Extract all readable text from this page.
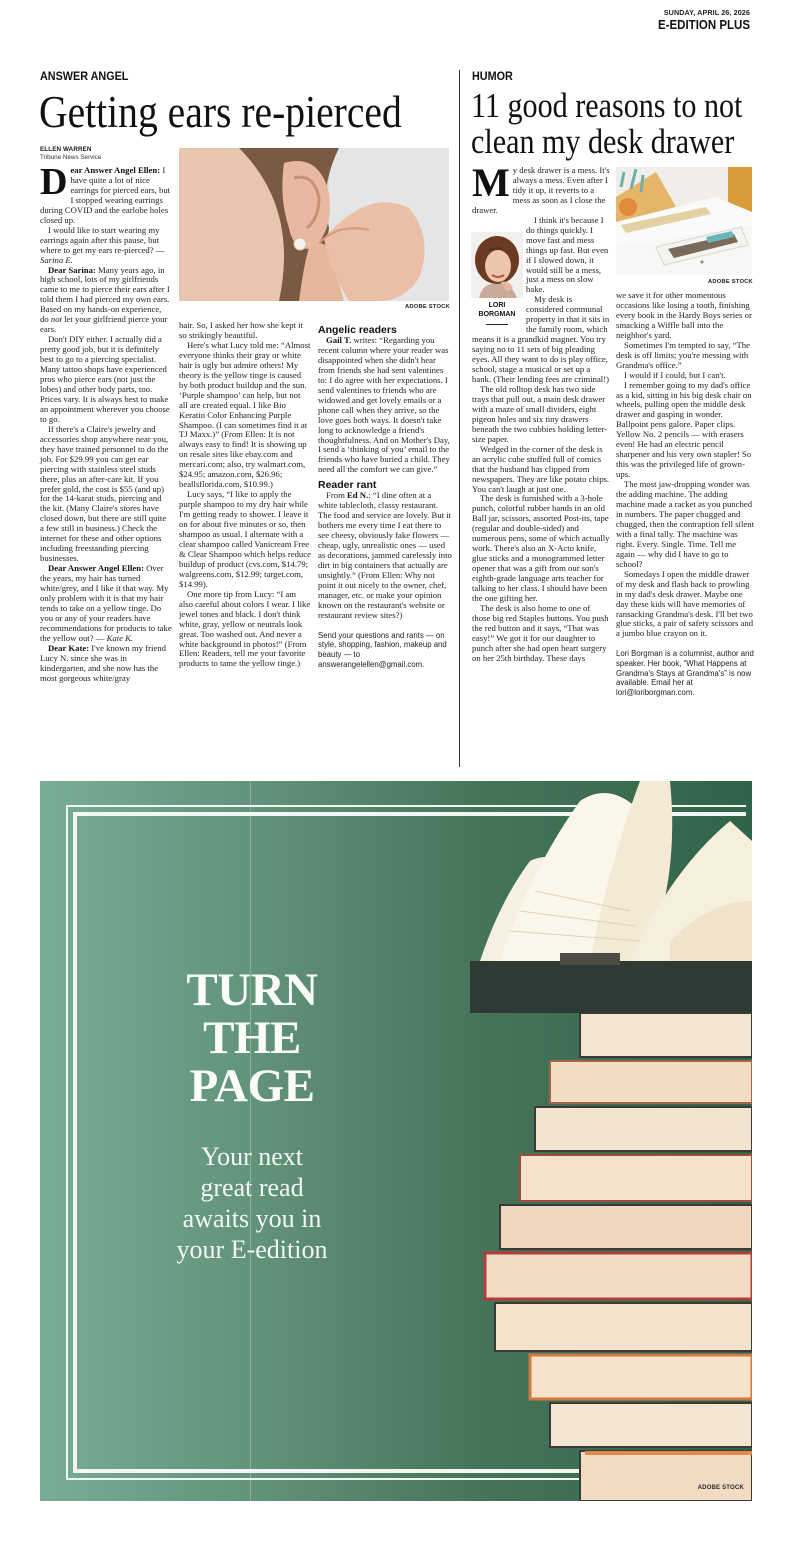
SUNDAY, APRIL 26, 2026
E-EDITION PLUS
ANSWER ANGEL
Getting ears re-pierced
ELLEN WARREN
Tribune News Service
ADOBE STOCK

Dear Answer Angel Ellen: I have quite a lot of nice earrings for pierced ears, but I stopped wearing earrings during COVID and the earlobe holes closed up.

I would like to start wearing my earrings again after this pause, but where to get my ears re-pierced? — Sarina E.

Dear Sarina: Many years ago, in high school, lots of my girlfriends came to me to pierce their ears after I told them I had pierced my own ears. Based on my hands-on experience, do not let your girlfriend pierce your ears.

Don't DIY either. I actually did a pretty good job, but it is definitely best to go to a piercing specialist. Many tattoo shops have experienced pros who pierce ears (not just the lobes) and other body parts, too. Prices vary. It is always best to make an appointment wherever you choose to go.

If there's a Claire's jewelry and accessories shop anywhere near you, they have trained personnel to do the job. For $29.99 you can get ear piercing with stainless steel studs there, plus an after-care kit. If you prefer gold, the cost is $55 (and up) for the 14-karat studs, piercing and the kit. (Many Claire's stores have closed down, but there are still quite a few still in business.) Check the internet for these and other options including freestanding piercing businesses.

Dear Answer Angel Ellen: Over the years, my hair has turned white/grey, and I like it that way. My only problem with it is that my hair tends to take on a yellow tinge. Do you or any of your readers have recommendations for products to take the yellow out? — Kate K.

Dear Kate: I've known my friend Lucy N. since she was in kindergarten, and she now has the most gorgeous white/gray

hair. So, I asked her how she kept it so strikingly beautiful.

Here's what Lucy told me: “Almost everyone thinks their gray or white hair is ugly but admire others! My theory is the yellow tinge is caused by both product buildup and the sun. ‘Purple shampoo’ can help, but not all are created equal. I like Bio Keratin Color Enhancing Purple Shampoo. (I can sometimes find it at TJ Maxx.)” (From Ellen: It is not always easy to find! It is showing up on resale sites like ebay.com and mercari.com; also, try walmart.com, $24.95; amazon.com, $26.96; beallsflorida.com, $10.99.)

Lucy says, “I like to apply the purple shampoo to my dry hair while I'm getting ready to shower. I leave it on for about five minutes or so, then shampoo as usual. I alternate with a clear shampoo called Vanicream Free & Clear Shampoo which helps reduce buildup of product (cvs.com, $14.79; walgreens.com, $12.99; target.com, $14.99).

One more tip from Lucy: “I am also careful about colors I wear. I like jewel tones and black. I don't think white, gray, yellow or neutrals look great. Too washed out. And never a white background in photos!” (From Ellen: Readers, tell me your favorite products to tame the yellow tinge.)

Angelic readers

Gail T. writes: “Regarding you recent column where your reader was disappointed when she didn't hear from friends she had sent valentines to: I do agree with her expectations. I send valentines to friends who are widowed and get lovely emails or a phone call when they arrive, so the love goes both ways. It doesn't take long to acknowledge a friend's thoughtfulness. And on Mother's Day, I send a ‘thinking of you’ email to the friends who have buried a child. They need all the comfort we can give.”

Reader rant

From Ed N.: “I dine often at a white tablecloth, classy restaurant. The food and service are lovely. But it bothers me every time I eat there to see cheesy, obviously fake flowers — cheap, ugly, unrealistic ones — used as decorations, jammed carelessly into dirt in big containers that actually are unsightly.” (From Ellen: Why not point it out nicely to the owner, chef, manager, etc. or make your opinion known on the restaurant's website or restaurant review sites?)

Send your questions and rants — on style, shopping, fashion, makeup and beauty — to answerangelellen@gmail.com.

HUMOR
11 good reasons to not
clean my desk drawer
ADOBE STOCK
LORI
BORGMAN

My desk drawer is a mess. It's always a mess. Even after I tidy it up, it reverts to a mess as soon as I close the drawer.

I think it's because I do things quickly. I move fast and mess things up fast. But even if I slowed down, it would still be a mess, just a mess on slow bake.

My desk is considered communal property in that it sits in the family room, which means it is a grandkid magnet. You try saying no to 11 sets of big pleading eyes. All they want to do is play office, school, stage a musical or set up a bank. (Their lending fees are criminal!)

The old rolltop desk has two side trays that pull out, a main desk drawer with a maze of small dividers, eight pigeon holes and six tiny drawers beneath the two cubbies holding letter-size paper.

Wedged in the corner of the desk is an acrylic cube stuffed full of comics that the husband has clipped from newspapers. They are like potato chips. You can't laugh at just one.

The desk is furnished with a 3-hole punch, colorful rubber bands in an old Ball jar, scissors, assorted Post-its, tape (regular and double-sided) and numerous pens, some of which actually work. There's also an X-Acto knife, glue sticks and a monogrammed letter opener that was a gift from our son's eighth-grade language arts teacher for talking to her class. I should have been the one gifting her.

The desk is also home to one of those big red Staples buttons. You push the red button and it says, “That was easy!” We got it for our daughter to punch after she had open heart surgery on her 25th birthday. These days

we save it for other momentous occasions like losing a tooth, finishing every book in the Hardy Boys series or smacking a Wiffle ball into the neighbor's yard.

Sometimes I'm tempted to say, “The desk is off limits; you're messing with Grandma's office.”

I would if I could, but I can't.

I remember going to my dad's office as a kid, sitting in his big desk chair on wheels, pulling open the middle desk drawer and gasping in wonder. Ballpoint pens galore. Paper clips. Yellow No. 2 pencils — with erasers even! He had an electric pencil sharpener and his very own stapler! So this was the privileged life of grown-ups.

The most jaw-dropping wonder was the adding machine. The adding machine made a racket as you punched in numbers. The paper chugged and chugged, then the contraption fell silent with a final tally. The machine was right. Every. Single. Time. Tell me again — why did I have to go to school?

Somedays I open the middle drawer of my desk and flash back to prowling in my dad's desk drawer. Maybe one day these kids will have memories of ransacking Grandma's desk. I'll bet two glue sticks, a pair of safety scissors and a jumbo blue crayon on it.

Lori Borgman is a columnist, author and speaker. Her book, “What Happens at Grandma's Stays at Grandma's” is now available. Email her at lori@loriborgman.com.

TURN
THE
PAGE
Your next
great read
awaits you in
your E-edition
ADOBE STOCK
